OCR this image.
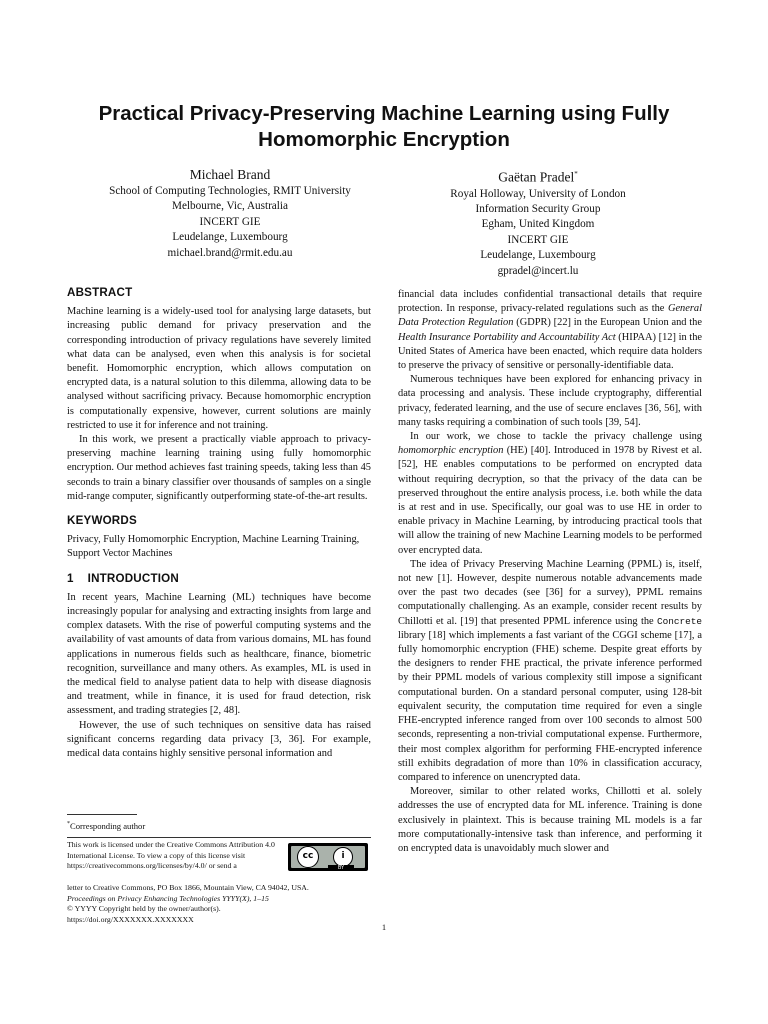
Practical Privacy-Preserving Machine Learning using Fully Homomorphic Encryption
Michael Brand
School of Computing Technologies, RMIT University
Melbourne, Vic, Australia
INCERT GIE
Leudelange, Luxembourg
michael.brand@rmit.edu.au
Gaëtan Pradel*
Royal Holloway, University of London
Information Security Group
Egham, United Kingdom
INCERT GIE
Leudelange, Luxembourg
gpradel@incert.lu
ABSTRACT

Machine learning is a widely-used tool for analysing large datasets, but increasing public demand for privacy preservation and the corresponding introduction of privacy regulations have severely limited what data can be analysed, even when this analysis is for societal benefit. Homomorphic encryption, which allows computation on encrypted data, is a natural solution to this dilemma, allowing data to be analysed without sacrificing privacy. Because homomorphic encryption is computationally expensive, however, current solutions are mainly restricted to use it for inference and not training.

In this work, we present a practically viable approach to privacy-preserving machine learning training using fully homomorphic encryption. Our method achieves fast training speeds, taking less than 45 seconds to train a binary classifier over thousands of samples on a single mid-range computer, significantly outperforming state-of-the-art results.

KEYWORDS

Privacy, Fully Homomorphic Encryption, Machine Learning Training, Support Vector Machines

1 INTRODUCTION

In recent years, Machine Learning (ML) techniques have become increasingly popular for analysing and extracting insights from large and complex datasets. With the rise of powerful computing systems and the availability of vast amounts of data from various domains, ML has found applications in numerous fields such as healthcare, finance, biometric recognition, surveillance and many others. As examples, ML is used in the medical field to analyse patient data to help with disease diagnosis and treatment, while in finance, it is used for fraud detection, risk assessment, and trading strategies [2, 48].

However, the use of such techniques on sensitive data has raised significant concerns regarding data privacy [3, 36]. For example, medical data contains highly sensitive personal information and

financial data includes confidential transactional details that require protection. In response, privacy-related regulations such as the General Data Protection Regulation (GDPR) [22] in the European Union and the Health Insurance Portability and Accountability Act (HIPAA) [12] in the United States of America have been enacted, which require data holders to preserve the privacy of sensitive or personally-identifiable data.

Numerous techniques have been explored for enhancing privacy in data processing and analysis. These include cryptography, differential privacy, federated learning, and the use of secure enclaves [36, 56], with many tasks requiring a combination of such tools [39, 54].

In our work, we chose to tackle the privacy challenge using homomorphic encryption (HE) [40]. Introduced in 1978 by Rivest et al. [52], HE enables computations to be performed on encrypted data without requiring decryption, so that the privacy of the data can be preserved throughout the entire analysis process, i.e. both while the data is at rest and in use. Specifically, our goal was to use HE in order to enable privacy in Machine Learning, by introducing practical tools that will allow the training of new Machine Learning models to be performed over encrypted data.

The idea of Privacy Preserving Machine Learning (PPML) is, itself, not new [1]. However, despite numerous notable advancements made over the past two decades (see [36] for a survey), PPML remains computationally challenging. As an example, consider recent results by Chillotti et al. [19] that presented PPML inference using the Concrete library [18] which implements a fast variant of the CGGI scheme [17], a fully homomorphic encryption (FHE) scheme. Despite great efforts by the designers to render FHE practical, the private inference performed by their PPML models of various complexity still impose a significant computational burden. On a standard personal computer, using 128-bit equivalent security, the computation time required for even a single FHE-encrypted inference ranged from over 100 seconds to almost 500 seconds, representing a non-trivial computational expense. Furthermore, their most complex algorithm for performing FHE-encrypted inference still exhibits degradation of more than 10% in classification accuracy, compared to inference on unencrypted data.

Moreover, similar to other related works, Chillotti et al. solely addresses the use of encrypted data for ML inference. Training is done exclusively in plaintext. This is because training ML models is a far more computationally-intensive task than inference, and performing it on encrypted data is unavoidably much slower and

*Corresponding author
This work is licensed under the Creative Commons Attribution 4.0 International License. To view a copy of this license visit https://creativecommons.org/licenses/by/4.0/ or send a
cc	i
BY
letter to Creative Commons, PO Box 1866, Mountain View, CA 94042, USA.
Proceedings on Privacy Enhancing Technologies YYYY(X), 1–15
© YYYY Copyright held by the owner/author(s).
https://doi.org/XXXXXXX.XXXXXXX
1
